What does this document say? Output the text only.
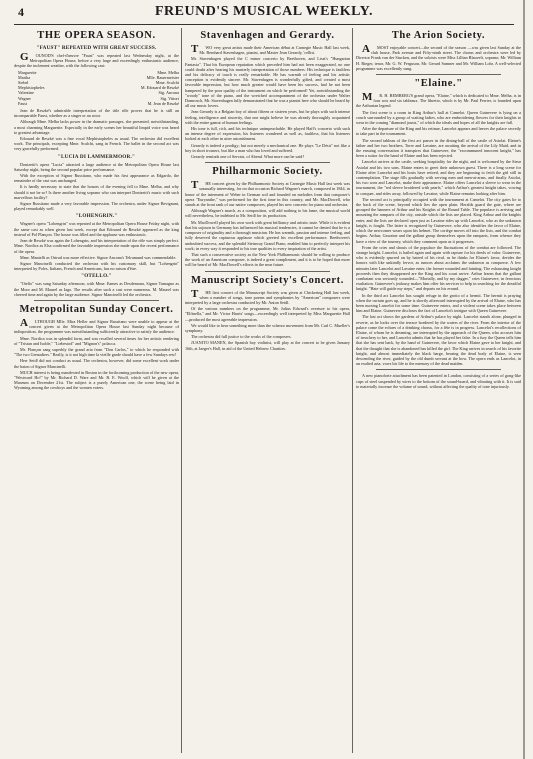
4	FREUND'S MUSICAL WEEKLY.
THE OPERA SEASON.
"FAUST" REPEATED WITH GREAT SUCCESS.

GOUNOD'S chef-d'œuvre "Faust" was repeated last Wednesday night, at the Metropolitan Opera House, before a very large and exceedingly enthusiastic audience, despite the inclement weather, with the following cast:

Marguerite	Mme. Melba
Martha	Mlle. Bauermeister
Siebel	Mme. Scalchi
Mephistopheles	M. Edouard de Reszké
Valentine	Sig. Ancona
Wagner	Sig. Vittori
Faust	M. Jean de Reszké

Jean de Reszké's admirable interpretation of the title rôle proves that he is still an incomparable Faust, whether as a singer or an actor.

Although Mme. Melba lacks power in the dramatic passages, she presented, notwithstanding, a most charming Marguerite. Especially in the early scenes her beautiful limpid voice was heard to greatest advantage.

Edouard de Reszké was a fine vocal Mephistopheles as usual. The orchestra did excellent work. The principals, excepting Mme. Scalchi, sang in French. The ballet in the second act was very gracefully performed.

"LUCIA DI LAMMERMOOR."

Donizetti's opera "Lucia" attracted a large audience at the Metropolitan Opera House last Saturday night, being the second popular price performance.

With the exception of Signor Russitano, who made his first appearance as Edgardo, the remainder of the cast was unchanged.

It is hardly necessary to state that the honors of the evening fell to Mme. Melba, and why should it not be so? Is there another living soprano who can interpret Donizetti's music with such marvellous facility?

Signor Russitano made a very favorable impression. The orchestra, under Signor Bevignani, played remarkably well.

"LOHENGRIN."

Wagner's opera "Lohengrin" was repeated at the Metropolitan Opera House Friday night, with the same cast as when given last week, except that Edouard de Reszké appeared as the king instead of Pol Plançon. The house was filled and the applause was enthusiastic.

Jean de Reszké was again the Lohengrin, and his interpretation of the rôle was simply perfect. Mme. Nordica as Elsa confirmed the favorable impression she made upon the recent performance of the opera.

Mme. Mantelli as Ortrud was more effective. Signor Ancona's Telramund was commendable.

Signor Mancinelli conducted the orchestra with his customary skill, but "Lohengrin" interpreted by Poles, Italians, French and Americans, has no raison d'être.

"OTELLO."

"Otello" was sung Saturday afternoon, with Mme. Eames as Desdemona, Signor Tamagno as the Moor and M. Maurel as Iago. The results after such a cast were numerous. M. Maurel was cheered time and again by the large audience. Signor Mancinelli led the orchestra.

Metropolitan Sunday Concert.

ALTHOUGH Mlle. Mira Heller and Signor Russitano were unable to appear at the concert given at the Metropolitan Opera House last Sunday night because of indisposition, the programme was notwithstanding sufficiently attractive to satisfy the audience.

Mme. Nordica was in splendid form, and was recalled several times for her artistic rendering of "Tristan and Isolde," "Liebestod" and "Mignon's" polacca.

Mr. Plançon sang superbly the grand aria from "Don Carlos," to which he responded with "The two Grenadiers." Really, is it not high time la vieille garde should have a few Sundays rest!

Herr Seidl did not conduct as usual. The orchestra, however, did some excellent work under the baton of Signor Mancinelli.

MUCH interest is being manifested in Boston in the forthcoming production of the new opera, "Westward Ho!" by Mr. Richard D. Ware and Mr. B. E. Woolf, which will be given at the Museum on December 21st. The subject is a purely American one, the scene being laid in Wyoming among the cowboys and the women voters.

Stavenhagen and Gerardy.

TWO very great artists made their American début at Carnegie Music Hall last week, Mr. Bernhard Stavenhagen, pianist, and Master Jean Gerardy, 'cellist.

Mr. Stavenhagen played the C minor concerto by Beethoven, and Liszt's "Hungarian Fantasia". That his European reputation which preceded him had not been exaggerated, no one could doubt after hearing his masterly interpretation of those numbers. His technique is faultless and his delicacy of touch is really remarkable. He has warmth of feeling and his artistic conception is evidently sincere. Mr. Stavenhagen is wonderfully gifted, and created a most favorable impression, but how much greater would have been his success, had he not been hampered by the poor quality of the instrument on which he performed! Yet, notwithstanding the "woody" tone of the piano, and the wretched accompaniment of the orchestra under Walter Damrosch, Mr. Stavenhagen fully demonstrated that he was a pianist here who should be heard by all our music lovers.

Jean Gerardy is a Belgian boy of about fifteen or sixteen years, but he plays with such intense feeling, intelligence and sincerity, that one might believe he was already thoroughly acquainted with the entire gamut of human feelings.

His tone is full, rich, and his technique unimpeachable. He played Haff's concerto with such an intense degree of expression, his listeners wondered as well as, faultless, that his listeners looked at each other in utter astonishment.

Gerardy is indeed a prodigy; but not merely a mechanical one. He plays "Le Désir" not like a boy in short trousers, but like a man who has loved and suffered.

Gerardy reminds one of Servais, of Abend. What more can be said?

Philharmonic Society.

THE concert given by the Philharmonic Society at Carnegie Music Hall last week was unusually interesting, for on that occasion Richard Wagner's march, composed in 1844, in honor of the interment of Weber in German soil and founded on melodies from that composer's opera "Euryanthe," was performed for the first time in this country, and Mr. MacDowell, who stands at the front rank of our native composers, played his new concerto for piano and orchestra.

Although Wagner's march, as a composition, will add nothing to his fame, the musical world will nevertheless, be indebted to Mr. Seidl for its production.

Mr. MacDowell played his own work with great brilliancy and artistic taste. While it is evident that his sojourn in Germany has influenced his musical tendencies, it cannot be denied that he is a composer of originality and a thorough musician. He has warmth, passion and intense feeling, and fully deserved the rapturous applause which greeted his excellent performance. Beethoven's undoubted success, and the splendid Steinway Grand Piano, enabled him to perfectly interpret his work; in every way it responded to his true qualities to every inspiration of the artist.

That such a conservative society as the New York Philharmonic should be willing to produce the work of an American composer, is indeed a great compliment, and it is to be hoped that more will be heard of Mr. MacDowell's efforts in the near future.

Manuscript Society's Concert.

THE first concert of the Manuscript Society was given at Chickering Hall last week, when a number of songs, tone poems and symphonies by "American" composers were interpreted by a large orchestra conducted by Mr. Anton Seidl.

Of the various numbers on the programme, Mr. Julius Edward's overture to his opera, "Elfinella," and Mr. Victor Harris' songs—exceedingly well interpreted by Miss Marguerite Hall—produced the most agreeable impression.

We would like to hear something more than the scherzo movement from Mr. Carl C. Mueller's symphony.

The orchestra did full justice to the works of the composers.

JUANITO MANEN, the Spanish boy violinist, will play at the concert to be given January 16th, at Jaeger's Hall, in aid of the United Hebrew Charities.

The Arion Society.

AMOST enjoyable concert—the second of the season —was given last Sunday at the club house, Park avenue and Fifty-ninth street. The chorus and orchestra were led by Director Frank van der Stucken, and the soloists were Miss Lillian Blauvelt, soprano; Mr. William H. Rieger, tenor, Mr. G. W. Ferguson, Mr. Gerard Sumner and Mr. William Lohr. A well-selected programme was excellently sung.

"Elaine."

MR. H. BEMBERG'S grand opera, "Elaine," which is dedicated to Mme. Melba, is in four acts and six tableaux. The libretto, which is by Mr. Paul Ferrier, is founded upon the Arthurian legend.

The first scene is a room in King Arthur's hall at Camelot. Queen Guinevere is lying on a couch surrounded by a group of waiting ladies, who are embroidering flowers for their knights to wear in the coming "diamond jousts," of which the ideals and hopes of all the knights are full.

After the departure of the King and his retinue, Lancelot appears and leaves the palace secretly to take part in the tournament.

The second tableau of the first act passes in the dining-hall of the castle of Astolat. Elaine's father and her two brothers, Torre and Lavaine, are awaiting the arrival of the Lily Maid, and in the ensuing conversation it transpires that Guinevere, the "excommuned innocent knight," has been a suitor for the hand of Elaine and has been rejected.

Lancelot arrives at the castle, seeking hospitality for the night, and is welcomed by the Sieur Astolat and his two sons. Elaine enters to greet their unknown guest. There is a long scene for Elaine after Lancelot and his hosts have retired, and they are beginning to fetch the girl still in contemplation. The stage fills gradually with serving men and men-at-arms, and finally Astolat, his two sons and Lancelot, make their appearance. Elaine offers Lancelot a sleeve to wear in the tournament, the "red sleeve broidered with pearls," which Arthur's greatest knight takes, vowing to conquer, and rides away, followed by Lavaine, while Elaine remains looking after him.

The second act is principally occupied with the tournament at Camelot. The city gates lie to the back of the scene, beyond which lies the open plain. Heralds guard the gate, where are grouped the banners of Arthur and his Knights of the Round Table. The populace is arriving and mounting the ramparts of the city, outside which the lists are placed. King Arthur and the knights enter, and the lists are declared open just as Lavaine rides up with Lancelot, who as the unknown knight, is fought. The latter is recognized by Guinevere, who also identifies the favor of Elaine, which the newcomer wears upon his helmet. The cortège moves off into the lists, and the combat begins. Arthur, Gawaine and the gallant group themselves upon the ramparts, from whence they have a view of the tourney, which they comment upon as it progresses.

From the cries and shouts of the populace the fluctuations of the combat are followed. The strange knight, Lancelot, is hailed again and again with rapture for his deeds of valor. Guinevere, who is evidently spurred on by hatred of his rival, as he thinks for Elaine's favor, derides the honors with like unkindly fervor, as rumors about acclaims the unknown as conqueror. A few minutes later Lancelot and Lavaine enter, the former wounded and fainting. The exhausting knight proceeds then they disappeared are the King and his court arrive. Arthur learns that the gallant combatant was seriously wounded—"Mortally, and by my dagger," cries Guinevere, in ferocious exultation. Guinevere's jealousy makes him offer his services to help in searching for the dreadful knight. "Hate will guide my steps," and departs on his errand.

In the third act Lancelot has sought refuge in the grotto of a hermit. The hermit is praying when the curtain goes up, and he is shortly afterward interrupted by the arrival of Elaine, who has been nursing Lancelot for some time. Guinevere enters, and a violent scene takes place between him and Elaine. Guinevere discloses the fact of Lancelot's intrigue with Queen Guinevere.

The last act shows the gardens of Arthur's palace by night. Lancelot stands alone, plunged in reverie, as he looks over the terrace bordered by the waters of the river. From the interior of the palace come the echoes of a drinking chorus, for a fête is in progress. Lancelot's recollections of Elaine, of whom he is dreaming, are interrupted by the approach of the Queen, who accuses him of treachery to her, and Lancelot admits that he has played her false. In a fury the Queen tells him that she has sent back, by the hand of Guinevere, the favor which Elaine gave to her knight, and that the thought that she is abandoned has killed the girl. The King arrives in search of his favorite knight, and almost immediately the black barge, bearing the dead body of Elaine, is seen descending the river, guided by the old dumb servant at the bow. The opera ends as Lancelot, in an exalted aria, vows his life to the memory of the dead maiden.

A new pianoforte attachment has been patented in London, consisting of a series of gong-like cups of steel suspended by wires to the bottom of the sound-board, and vibrating with it. It is said to materially increase the volume of sound, without affecting the quality of tone injuriously.
